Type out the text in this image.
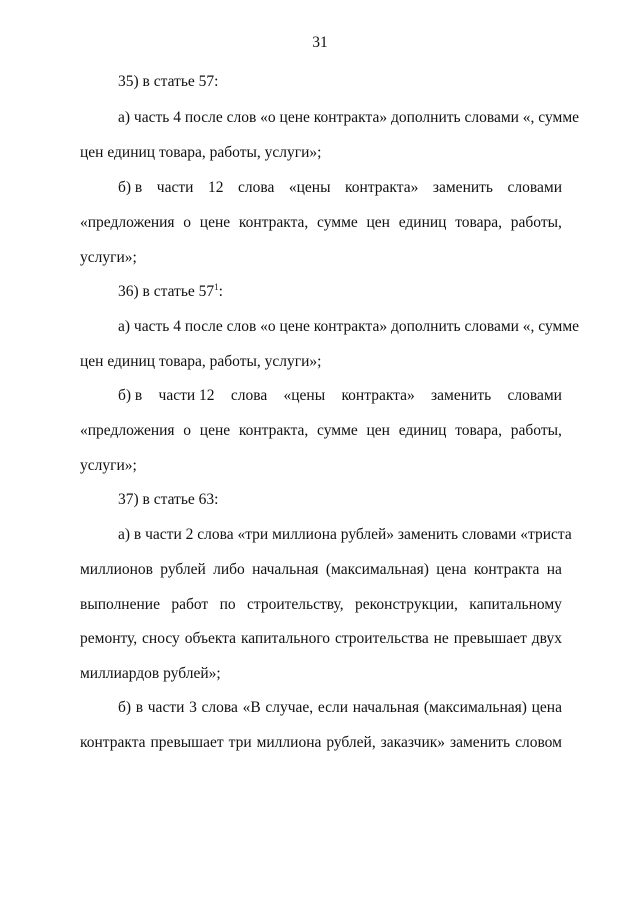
31
35) в статье 57:
а) часть 4 после слов «о цене контракта» дополнить словами «, сумме
цен единиц товара, работы, услуги»;
б) в части 12 слова «цены контракта» заменить словами
«предложения о цене контракта, сумме цен единиц товара, работы,
услуги»;
36) в статье $57^1$:
а) часть 4 после слов «о цене контракта» дополнить словами «, сумме
цен единиц товара, работы, услуги»;
б) в части 12 слова «цены контракта» заменить словами
«предложения о цене контракта, сумме цен единиц товара, работы,
услуги»;
37) в статье 63:
а) в части 2 слова «три миллиона рублей» заменить словами «триста
миллионов рублей либо начальная (максимальная) цена контракта на
выполнение работ по строительству, реконструкции, капитальному
ремонту, сносу объекта капитального строительства не превышает двух
миллиардов рублей»;
б) в части 3 слова «В случае, если начальная (максимальная) цена
контракта превышает три миллиона рублей, заказчик» заменить словом
